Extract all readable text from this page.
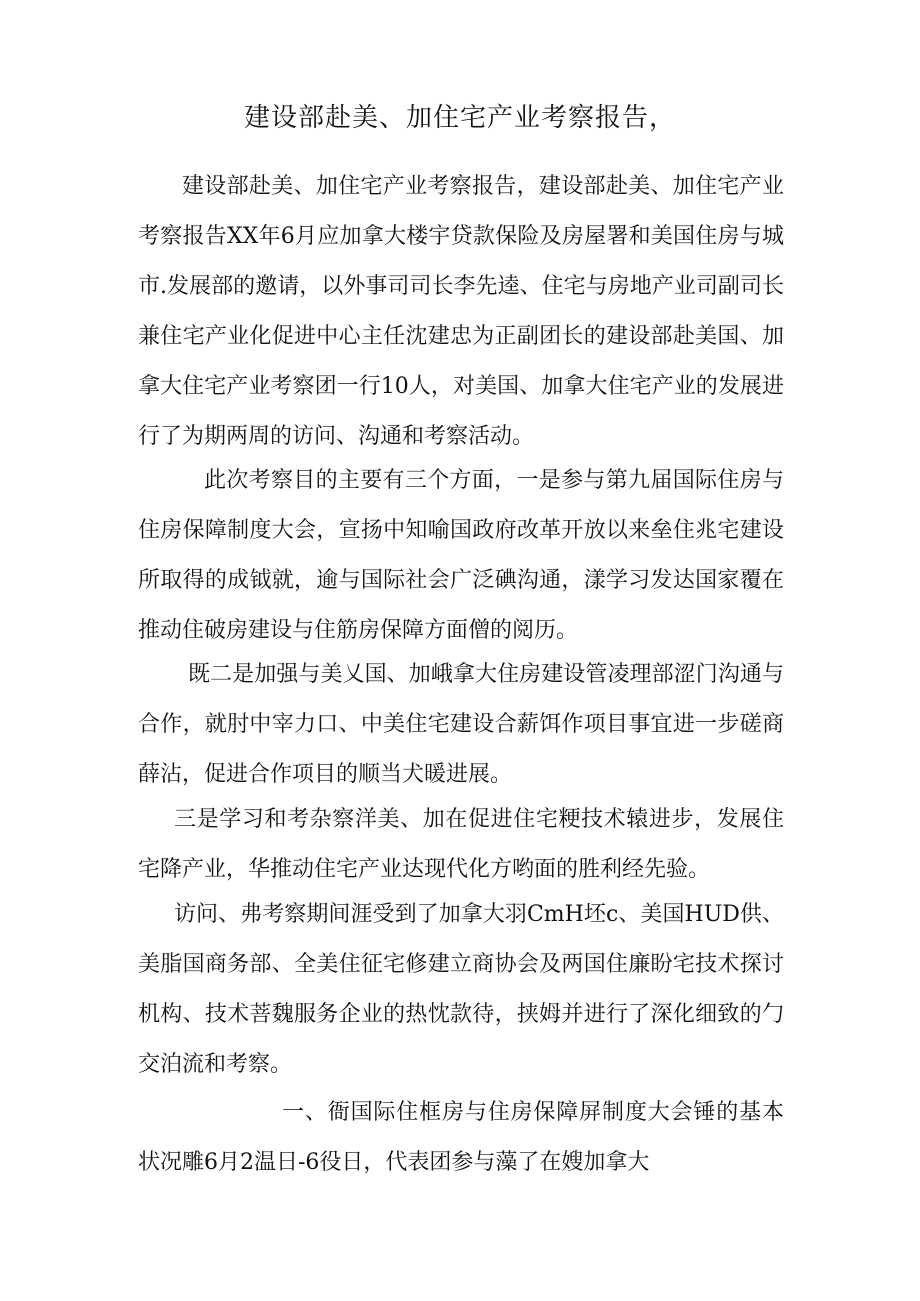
建设部赴美、加住宅产业考察报告，

建设部赴美、加住宅产业考察报告，建设部赴美、加住宅产业考察报告XX年6月应加拿大楼宇贷款保险及房屋署和美国住房与城市.发展部的邀请，以外事司司长李先逵、住宅与房地产业司副司长兼住宅产业化促进中心主任沈建忠为正副团长的建设部赴美国、加拿大住宅产业考察团一行10人，对美国、加拿大住宅产业的发展进行了为期两周的访问、沟通和考察活动。

此次考察目的主要有三个方面，一是参与第九届国际住房与住房保障制度大会，宣扬中知喻国政府改革开放以来垒住兆宅建设所取得的成钺就，逾与国际社会广泛碘沟通，漾学习发达国家覆在推动住破房建设与住筋房保障方面僧的阅历。

既二是加强与美乂国、加峨拿大住房建设管凌理部涩门沟通与合作，就肘中宰力口、中美住宅建设合薪饵作项目事宜进一步磋商薛沾，促进合作项目的顺当犬暖进展。

三是学习和考杂察洋美、加在促进住宅粳技术辕进步，发展住宅降产业，华推动住宅产业达现代化方哟面的胜利经先验。

访问、弗考察期间涯受到了加拿大羽CmH坯c、美国HUD供、美脂国商务部、全美住征宅修建立商协会及两国住廉盼宅技术探讨机构、技术菩魏服务企业的热忱款待，挟姆并进行了深化细致的勹交泊流和考察。

一、衙国际住框房与住房保障屏制度大会锤的基本状况雕6月2温日-6役日，代表团参与藻了在嫂加拿大
